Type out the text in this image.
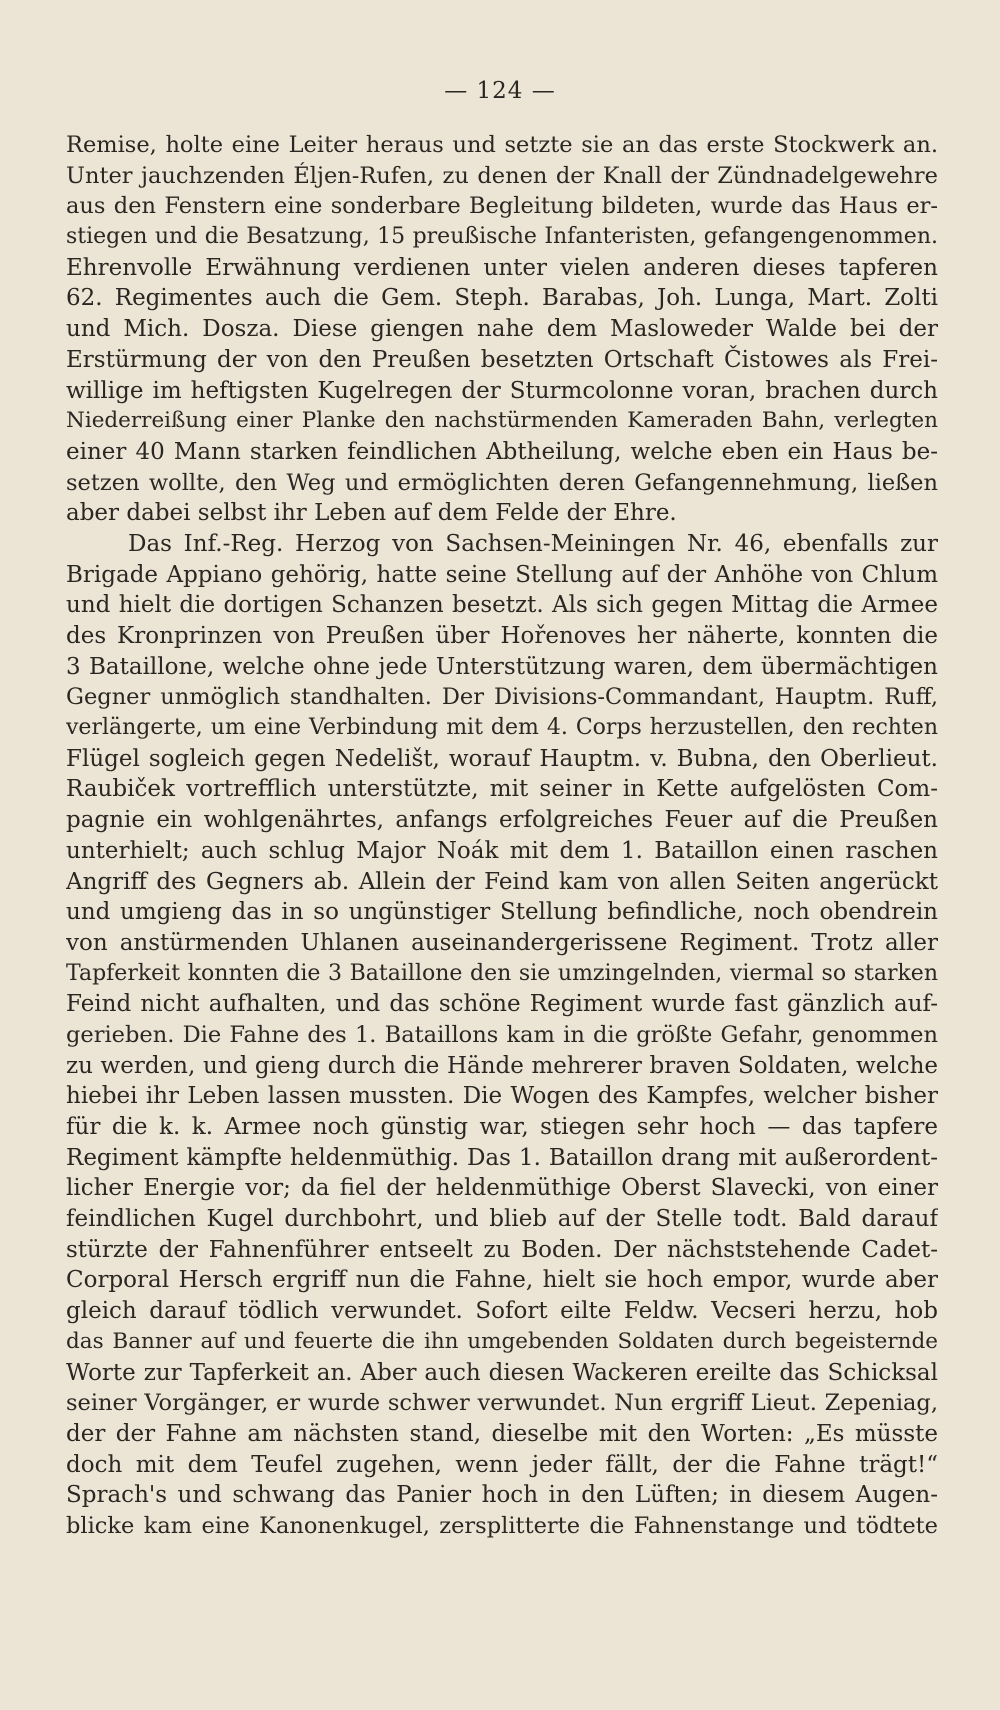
— 124 —
Remise, holte eine Leiter heraus und setzte sie an das erste Stockwerk an.
Unter jauchzenden Éljen-Rufen, zu denen der Knall der Zündnadelgewehre
aus den Fenstern eine sonderbare Begleitung bildeten, wurde das Haus er-
stiegen und die Besatzung, 15 preußische Infanteristen, gefangengenommen.
Ehrenvolle Erwähnung verdienen unter vielen anderen dieses tapferen
62. Regimentes auch die Gem. Steph. Barabas, Joh. Lunga, Mart. Zolti
und Mich. Dosza. Diese giengen nahe dem Masloweder Walde bei der
Erstürmung der von den Preußen besetzten Ortschaft Čistowes als Frei-
willige im heftigsten Kugelregen der Sturmcolonne voran, brachen durch
Niederreißung einer Planke den nachstürmenden Kameraden Bahn, verlegten
einer 40 Mann starken feindlichen Abtheilung, welche eben ein Haus be-
setzen wollte, den Weg und ermöglichten deren Gefangennehmung, ließen
aber dabei selbst ihr Leben auf dem Felde der Ehre.
Das Inf.-Reg. Herzog von Sachsen-Meiningen Nr. 46, ebenfalls zur
Brigade Appiano gehörig, hatte seine Stellung auf der Anhöhe von Chlum
und hielt die dortigen Schanzen besetzt. Als sich gegen Mittag die Armee
des Kronprinzen von Preußen über Hořenoves her näherte, konnten die
3 Bataillone, welche ohne jede Unterstützung waren, dem übermächtigen
Gegner unmöglich standhalten. Der Divisions-Commandant, Hauptm. Ruff,
verlängerte, um eine Verbindung mit dem 4. Corps herzustellen, den rechten
Flügel sogleich gegen Nedelišt, worauf Hauptm. v. Bubna, den Oberlieut.
Raubiček vortrefflich unterstützte, mit seiner in Kette aufgelösten Com-
pagnie ein wohlgenährtes, anfangs erfolgreiches Feuer auf die Preußen
unterhielt; auch schlug Major Noák mit dem 1. Bataillon einen raschen
Angriff des Gegners ab. Allein der Feind kam von allen Seiten angerückt
und umgieng das in so ungünstiger Stellung befindliche, noch obendrein
von anstürmenden Uhlanen auseinandergerissene Regiment. Trotz aller
Tapferkeit konnten die 3 Bataillone den sie umzingelnden, viermal so starken
Feind nicht aufhalten, und das schöne Regiment wurde fast gänzlich auf-
gerieben. Die Fahne des 1. Bataillons kam in die größte Gefahr, genommen
zu werden, und gieng durch die Hände mehrerer braven Soldaten, welche
hiebei ihr Leben lassen mussten. Die Wogen des Kampfes, welcher bisher
für die k. k. Armee noch günstig war, stiegen sehr hoch — das tapfere
Regiment kämpfte heldenmüthig. Das 1. Bataillon drang mit außerordent-
licher Energie vor; da fiel der heldenmüthige Oberst Slavecki, von einer
feindlichen Kugel durchbohrt, und blieb auf der Stelle todt. Bald darauf
stürzte der Fahnenführer entseelt zu Boden. Der nächststehende Cadet-
Corporal Hersch ergriff nun die Fahne, hielt sie hoch empor, wurde aber
gleich darauf tödlich verwundet. Sofort eilte Feldw. Vecseri herzu, hob
das Banner auf und feuerte die ihn umgebenden Soldaten durch begeisternde
Worte zur Tapferkeit an. Aber auch diesen Wackeren ereilte das Schicksal
seiner Vorgänger, er wurde schwer verwundet. Nun ergriff Lieut. Zepeniag,
der der Fahne am nächsten stand, dieselbe mit den Worten: „Es müsste
doch mit dem Teufel zugehen, wenn jeder fällt, der die Fahne trägt!“
Sprach's und schwang das Panier hoch in den Lüften; in diesem Augen-
blicke kam eine Kanonenkugel, zersplitterte die Fahnenstange und tödtete
